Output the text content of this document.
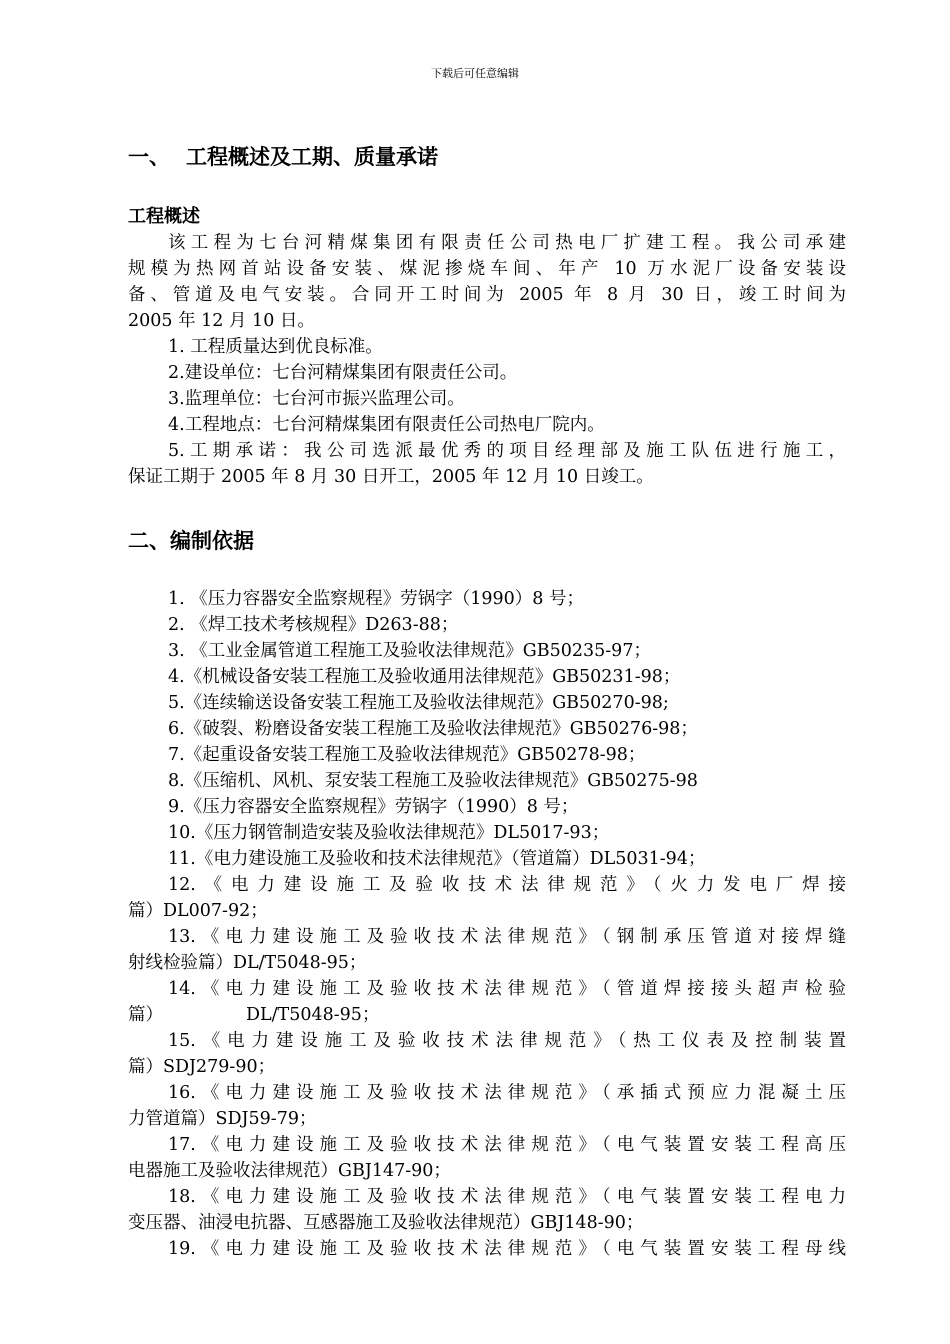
下载后可任意编辑
一、 工程概述及工期、质量承诺
工程概述

该工程为七台河精煤集团有限责任公司热电厂扩建工程。我公司承建
规模为热网首站设备安装、煤泥掺烧车间、年产 10 万水泥厂设备安装设
备、管道及电气安装。合同开工时间为 2005 年 8 月 30 日，竣工时间为
2005 年 12 月 10 日。

1. 工程质量达到优良标准。

2.建设单位：七台河精煤集团有限责任公司。

3.监理单位：七台河市振兴监理公司。

4.工程地点：七台河精煤集团有限责任公司热电厂院内。

5.工期承诺：我公司选派最优秀的项目经理部及施工队伍进行施工，
保证工期于 2005 年 8 月 30 日开工，2005 年 12 月 10 日竣工。

二、编制依据

1. 《压力容器安全监察规程》劳锅字（1990）8 号；

2. 《焊工技术考核规程》D263-88；

3. 《工业金属管道工程施工及验收法律规范》GB50235-97；

4.《机械设备安装工程施工及验收通用法律规范》GB50231-98；

5.《连续输送设备安装工程施工及验收法律规范》GB50270-98;

6.《破裂、粉磨设备安装工程施工及验收法律规范》GB50276-98；

7.《起重设备安装工程施工及验收法律规范》GB50278-98；

8.《压缩机、风机、泵安装工程施工及验收法律规范》GB50275-98

9.《压力容器安全监察规程》劳锅字（1990）8 号；

10.《压力钢管制造安装及验收法律规范》DL5017-93；

11.《电力建设施工及验收和技术法律规范》（管道篇）DL5031-94；

12.《电力建设施工及验收技术法律规范》（火力发电厂焊接
篇）DL007-92；

13.《电力建设施工及验收技术法律规范》（钢制承压管道对接焊缝
射线检验篇）DL/T5048-95；

14.《电力建设施工及验收技术法律规范》（管道焊接接头超声检验
篇）	DL/T5048-95；

15.《电力建设施工及验收技术法律规范》（热工仪表及控制装置
篇）SDJ279-90；

16.《电力建设施工及验收技术法律规范》（承插式预应力混凝土压
力管道篇）SDJ59-79；

17.《电力建设施工及验收技术法律规范》（电气装置安装工程高压
电器施工及验收法律规范）GBJ147-90；

18.《电力建设施工及验收技术法律规范》（电气装置安装工程电力
变压器、油浸电抗器、互感器施工及验收法律规范）GBJ148-90；

19.《电力建设施工及验收技术法律规范》（电气装置安装工程母线
